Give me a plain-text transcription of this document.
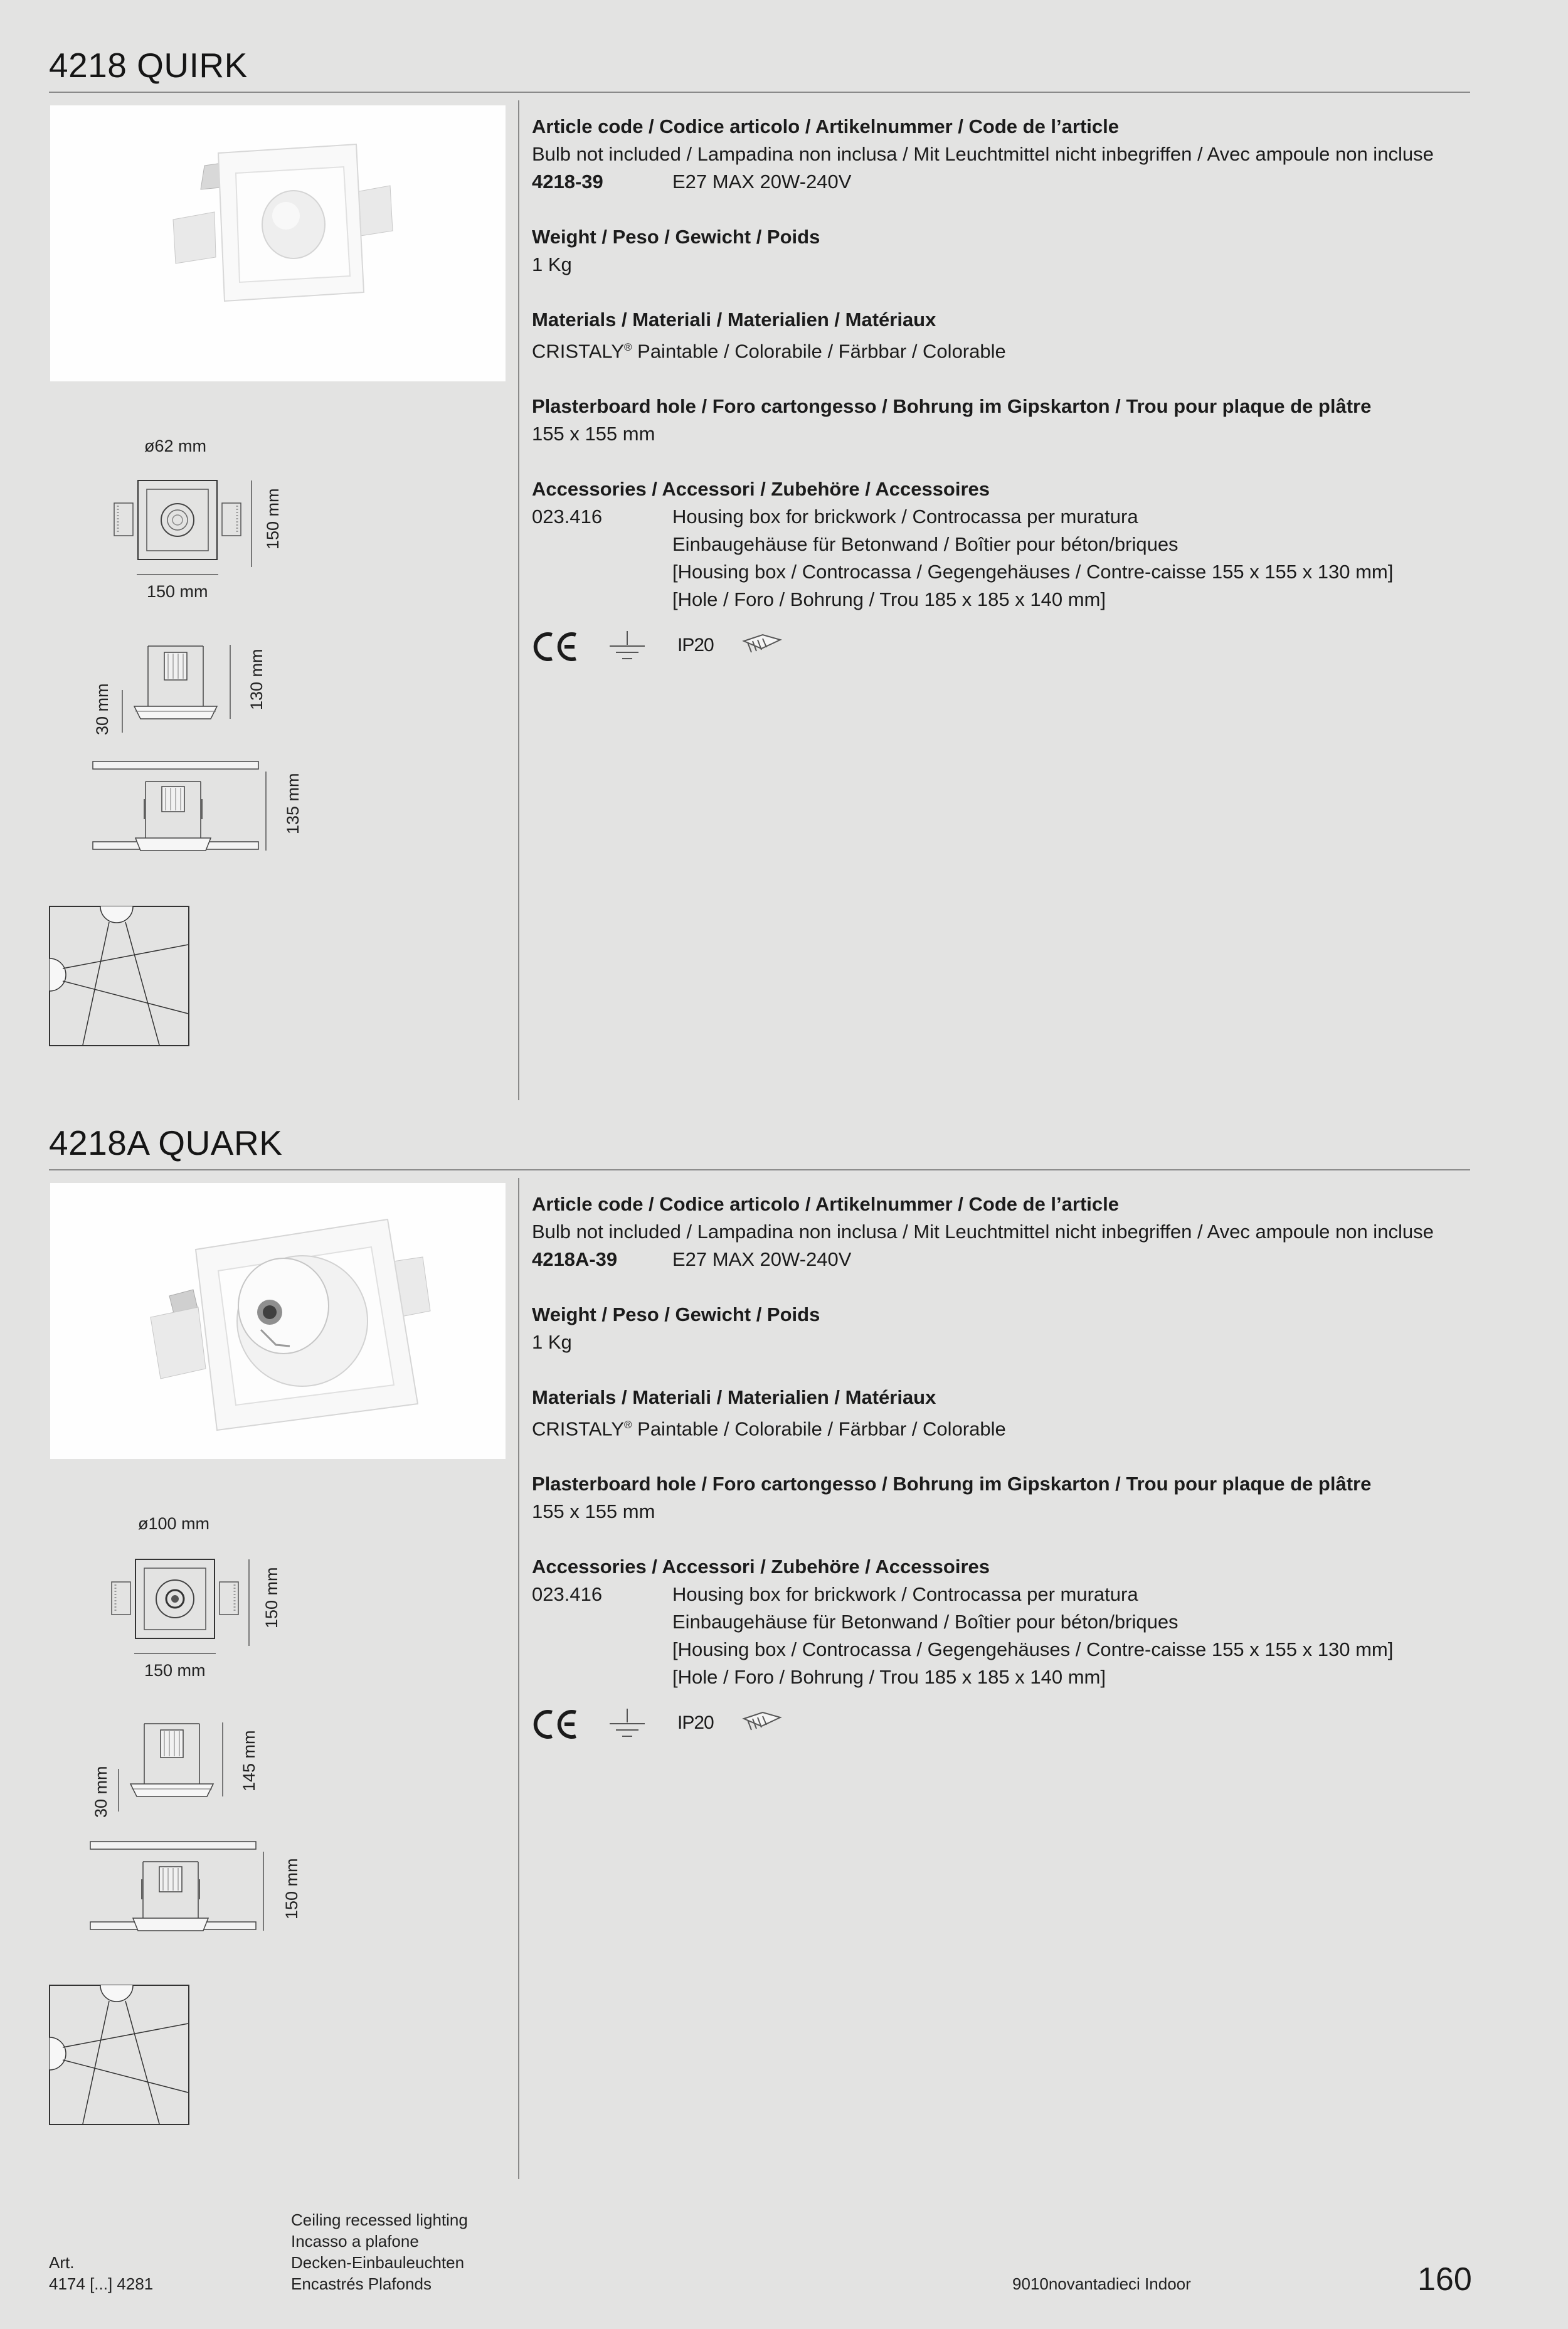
4218 QUIRK
ø62 mm
150 mm
150 mm
130 mm
30 mm
135 mm
Article code / Codice articolo / Artikelnummer / Code de l’article
Bulb not included / Lampadina non inclusa / Mit Leuchtmittel nicht inbegriffen / Avec ampoule non incluse
4218-39	E27 MAX 20W-240V
Weight / Peso / Gewicht / Poids
1 Kg
Materials / Materiali / Materialien / Matériaux
CRISTALY® Paintable / Colorabile / Färbbar / Colorable
Plasterboard hole / Foro cartongesso / Bohrung im Gipskarton / Trou pour plaque de plâtre
155 x 155 mm
Accessories / Accessori / Zubehöre / Accessoires
023.416	Housing box for brickwork / Controcassa per muratura
Einbaugehäuse für Betonwand / Boîtier pour béton/briques
[Housing box / Controcassa / Gegengehäuses / Contre-caisse 155 x 155 x 130 mm]
[Hole / Foro / Bohrung / Trou 185 x 185 x 140 mm]
IP20
4218A QUARK
ø100 mm
150 mm
150 mm
145 mm
30 mm
150 mm
Article code / Codice articolo / Artikelnummer / Code de l’article
Bulb not included / Lampadina non inclusa / Mit Leuchtmittel nicht inbegriffen / Avec ampoule non incluse
4218A-39	E27 MAX 20W-240V
Weight / Peso / Gewicht / Poids
1 Kg
Materials / Materiali / Materialien / Matériaux
CRISTALY® Paintable / Colorabile / Färbbar / Colorable
Plasterboard hole / Foro cartongesso / Bohrung im Gipskarton / Trou pour plaque de plâtre
155 x 155 mm
Accessories / Accessori / Zubehöre / Accessoires
023.416	Housing box for brickwork / Controcassa per muratura
Einbaugehäuse für Betonwand / Boîtier pour béton/briques
[Housing box / Controcassa / Gegengehäuses / Contre-caisse 155 x 155 x 130 mm]
[Hole / Foro / Bohrung / Trou 185 x 185 x 140 mm]
IP20
Art.
4174 [...] 4281
Ceiling recessed lighting
Incasso a plafone
Decken-Einbauleuchten
Encastrés Plafonds	9010novantadieci Indoor	160
